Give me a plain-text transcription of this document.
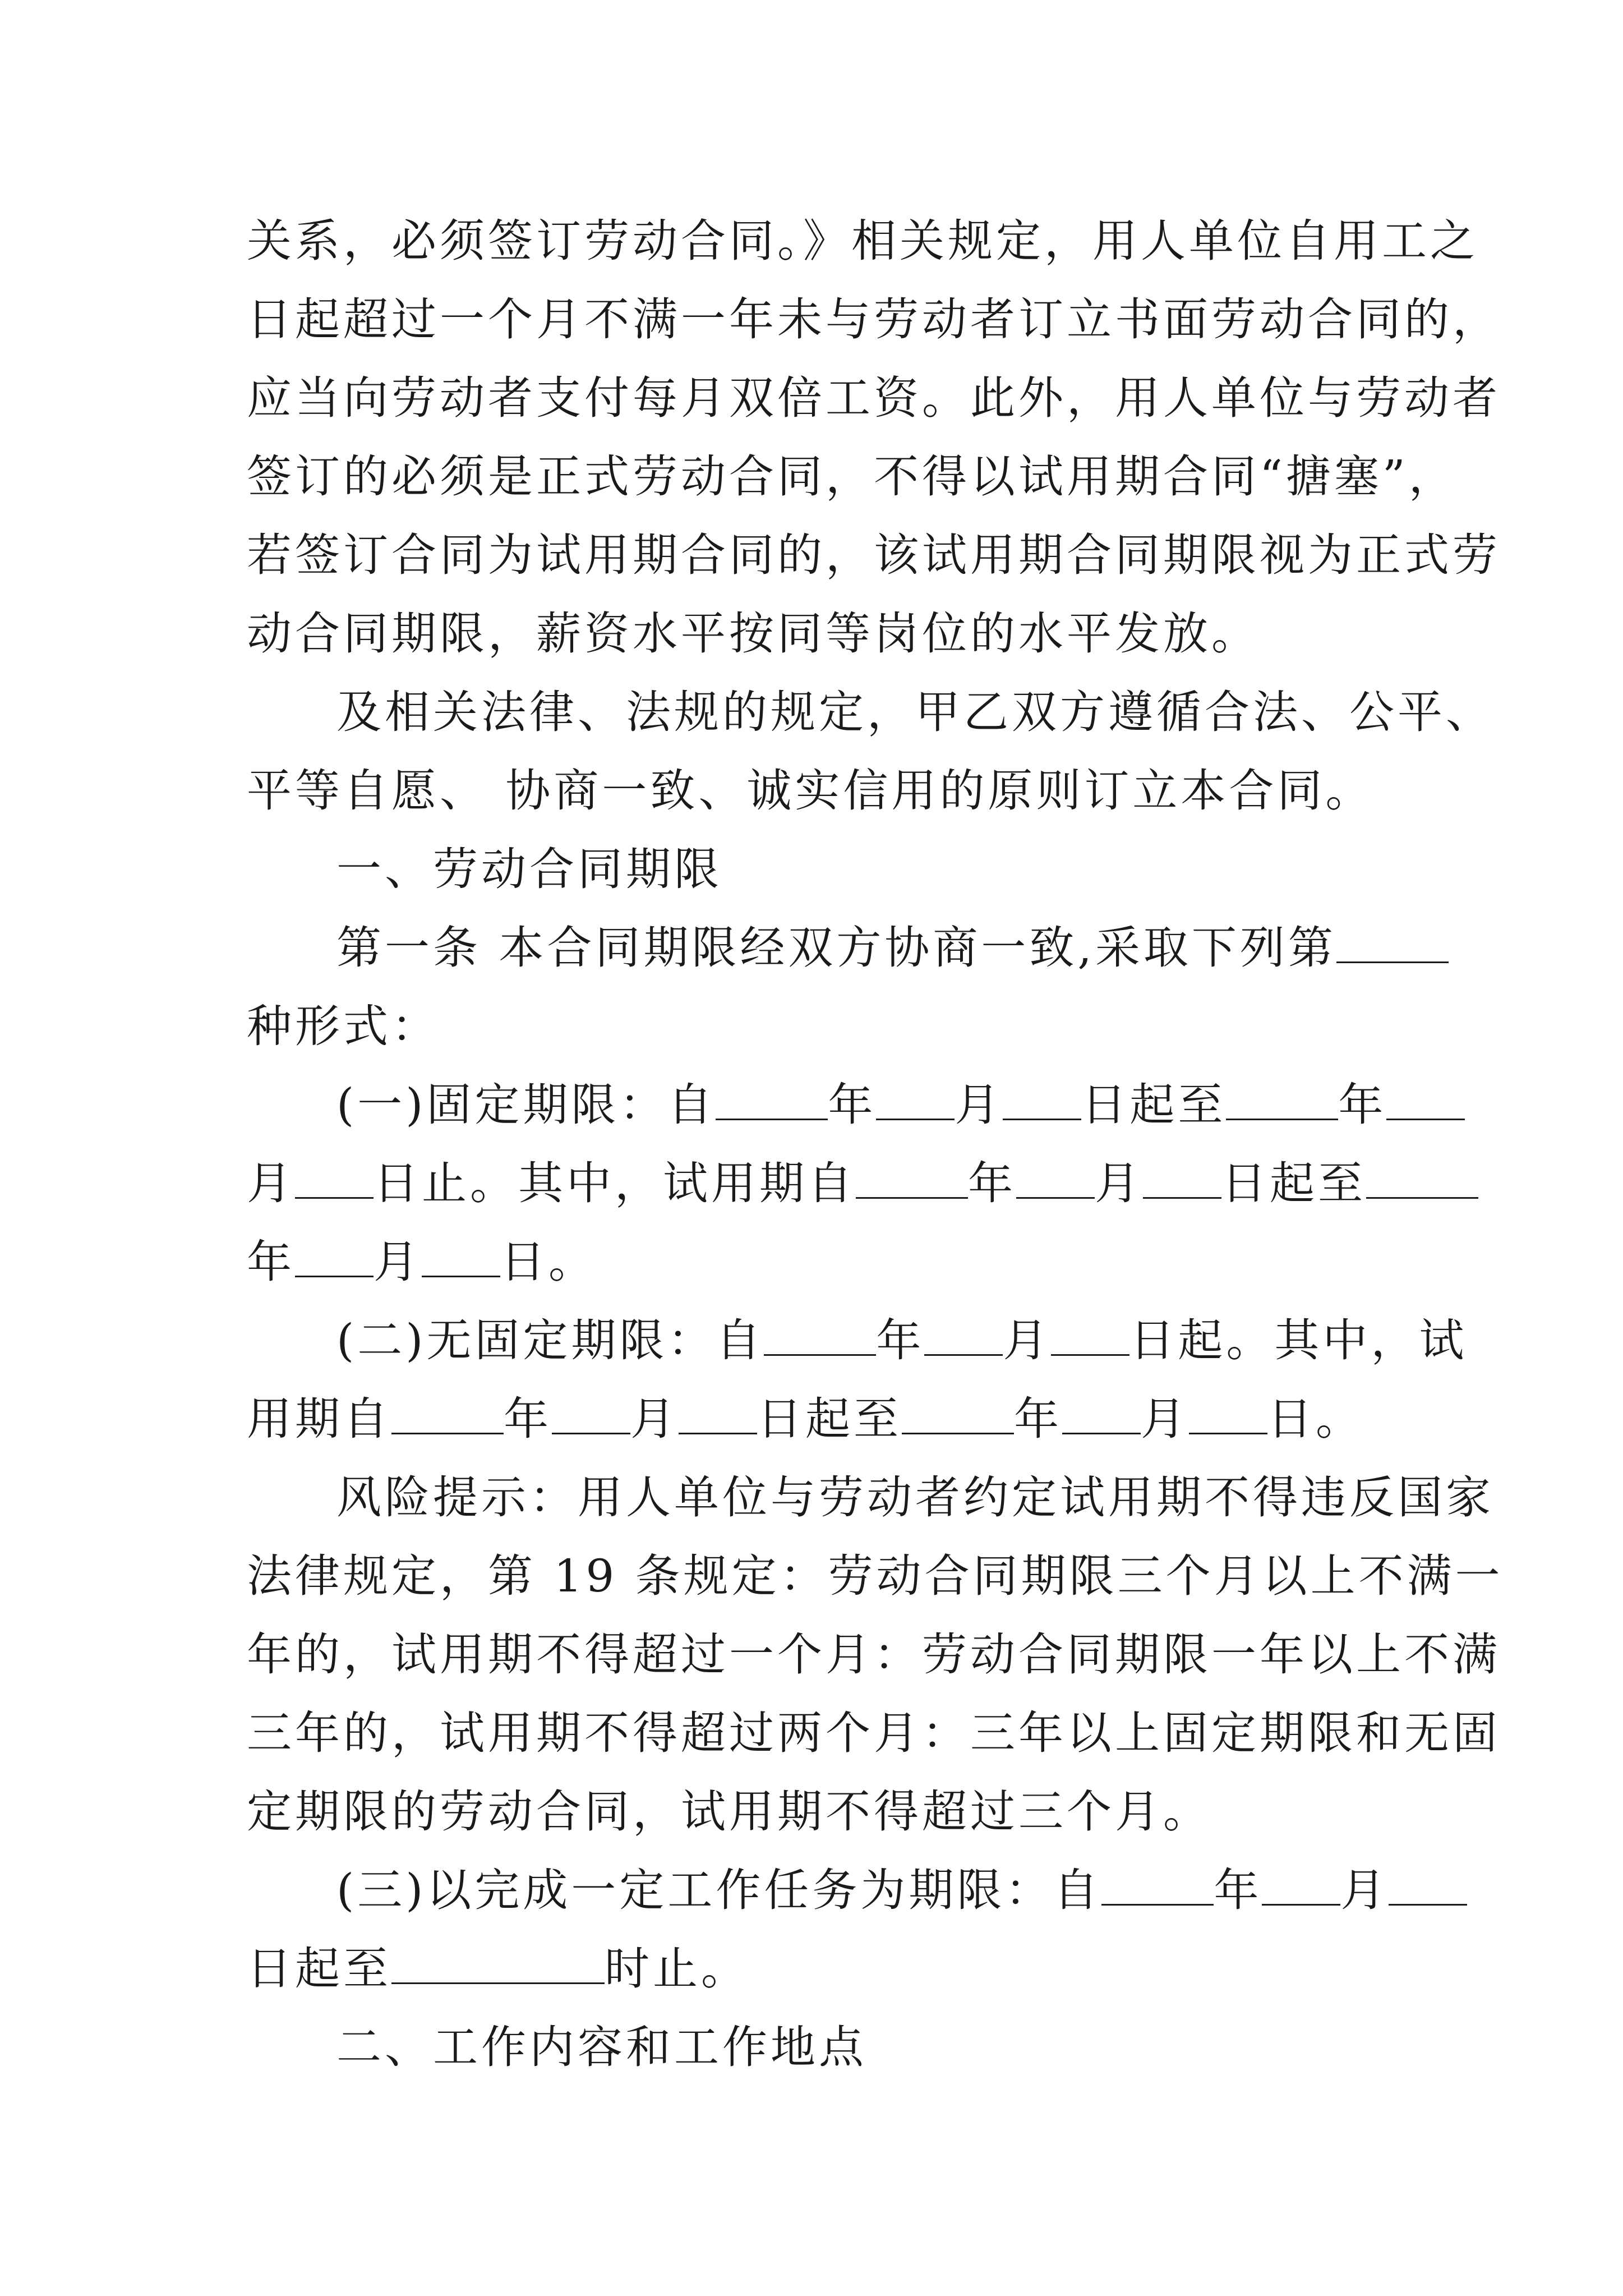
关系，必须签订劳动合同。》相关规定，用人单位自用工之
日起超过一个月不满一年未与劳动者订立书面劳动合同的，
应当向劳动者支付每月双倍工资。此外，用人单位与劳动者
签订的必须是正式劳动合同，不得以试用期合同“搪塞”，
若签订合同为试用期合同的，该试用期合同期限视为正式劳
动合同期限，薪资水平按同等岗位的水平发放。
及相关法律、法规的规定，甲乙双方遵循合法、公平、
平等自愿、 协商一致、诚实信用的原则订立本合同。
一、劳动合同期限
第一条 本合同期限经双方协商一致,采取下列第
种形式：
(一)固定期限：自	年 月 日起至	年
月 日止。其中，试用期自	年 月 日起至
年 月 日。
(二)无固定期限：自	年 月 日起。其中，试
用期自	年 月 日起至	年 月 日。
风险提示：用人单位与劳动者约定试用期不得违反国家
法律规定，第 19 条规定：劳动合同期限三个月以上不满一
年的，试用期不得超过一个月：劳动合同期限一年以上不满
三年的，试用期不得超过两个月：三年以上固定期限和无固
定期限的劳动合同，试用期不得超过三个月。
(三)以完成一定工作任务为期限：自	年 月
日起至	时止。
二、工作内容和工作地点
